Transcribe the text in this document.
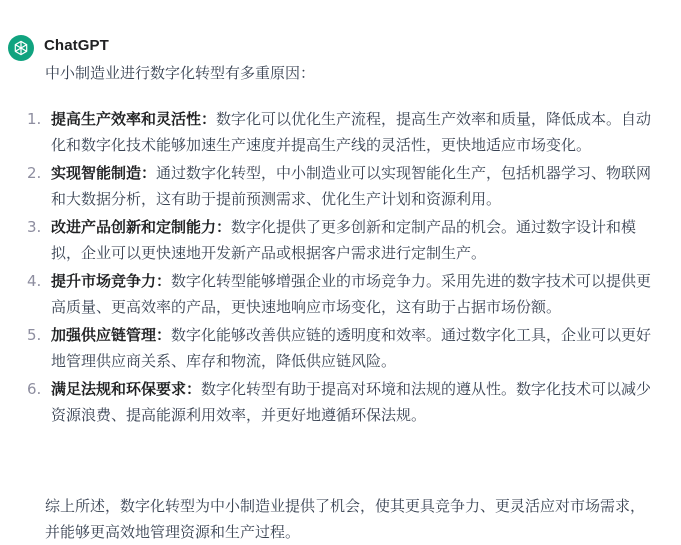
ChatGPT
中小制造业进行数字化转型有多重原因：
1. 提高生产效率和灵活性：数字化可以优化生产流程，提高生产效率和质量，降低成本。自动化和数字化技术能够加速生产速度并提高生产线的灵活性，更快地适应市场变化。
2. 实现智能制造：通过数字化转型，中小制造业可以实现智能化生产，包括机器学习、物联网和大数据分析，这有助于提前预测需求、优化生产计划和资源利用。
3. 改进产品创新和定制能力：数字化提供了更多创新和定制产品的机会。通过数字设计和模拟，企业可以更快速地开发新产品或根据客户需求进行定制生产。
4. 提升市场竞争力：数字化转型能够增强企业的市场竞争力。采用先进的数字技术可以提供更高质量、更高效率的产品，更快速地响应市场变化，这有助于占据市场份额。
5. 加强供应链管理：数字化能够改善供应链的透明度和效率。通过数字化工具，企业可以更好地管理供应商关系、库存和物流，降低供应链风险。
6. 满足法规和环保要求：数字化转型有助于提高对环境和法规的遵从性。数字化技术可以减少资源浪费、提高能源利用效率，并更好地遵循环保法规。
综上所述，数字化转型为中小制造业提供了机会，使其更具竞争力、更灵活应对市场需求，并能够更高效地管理资源和生产过程。
